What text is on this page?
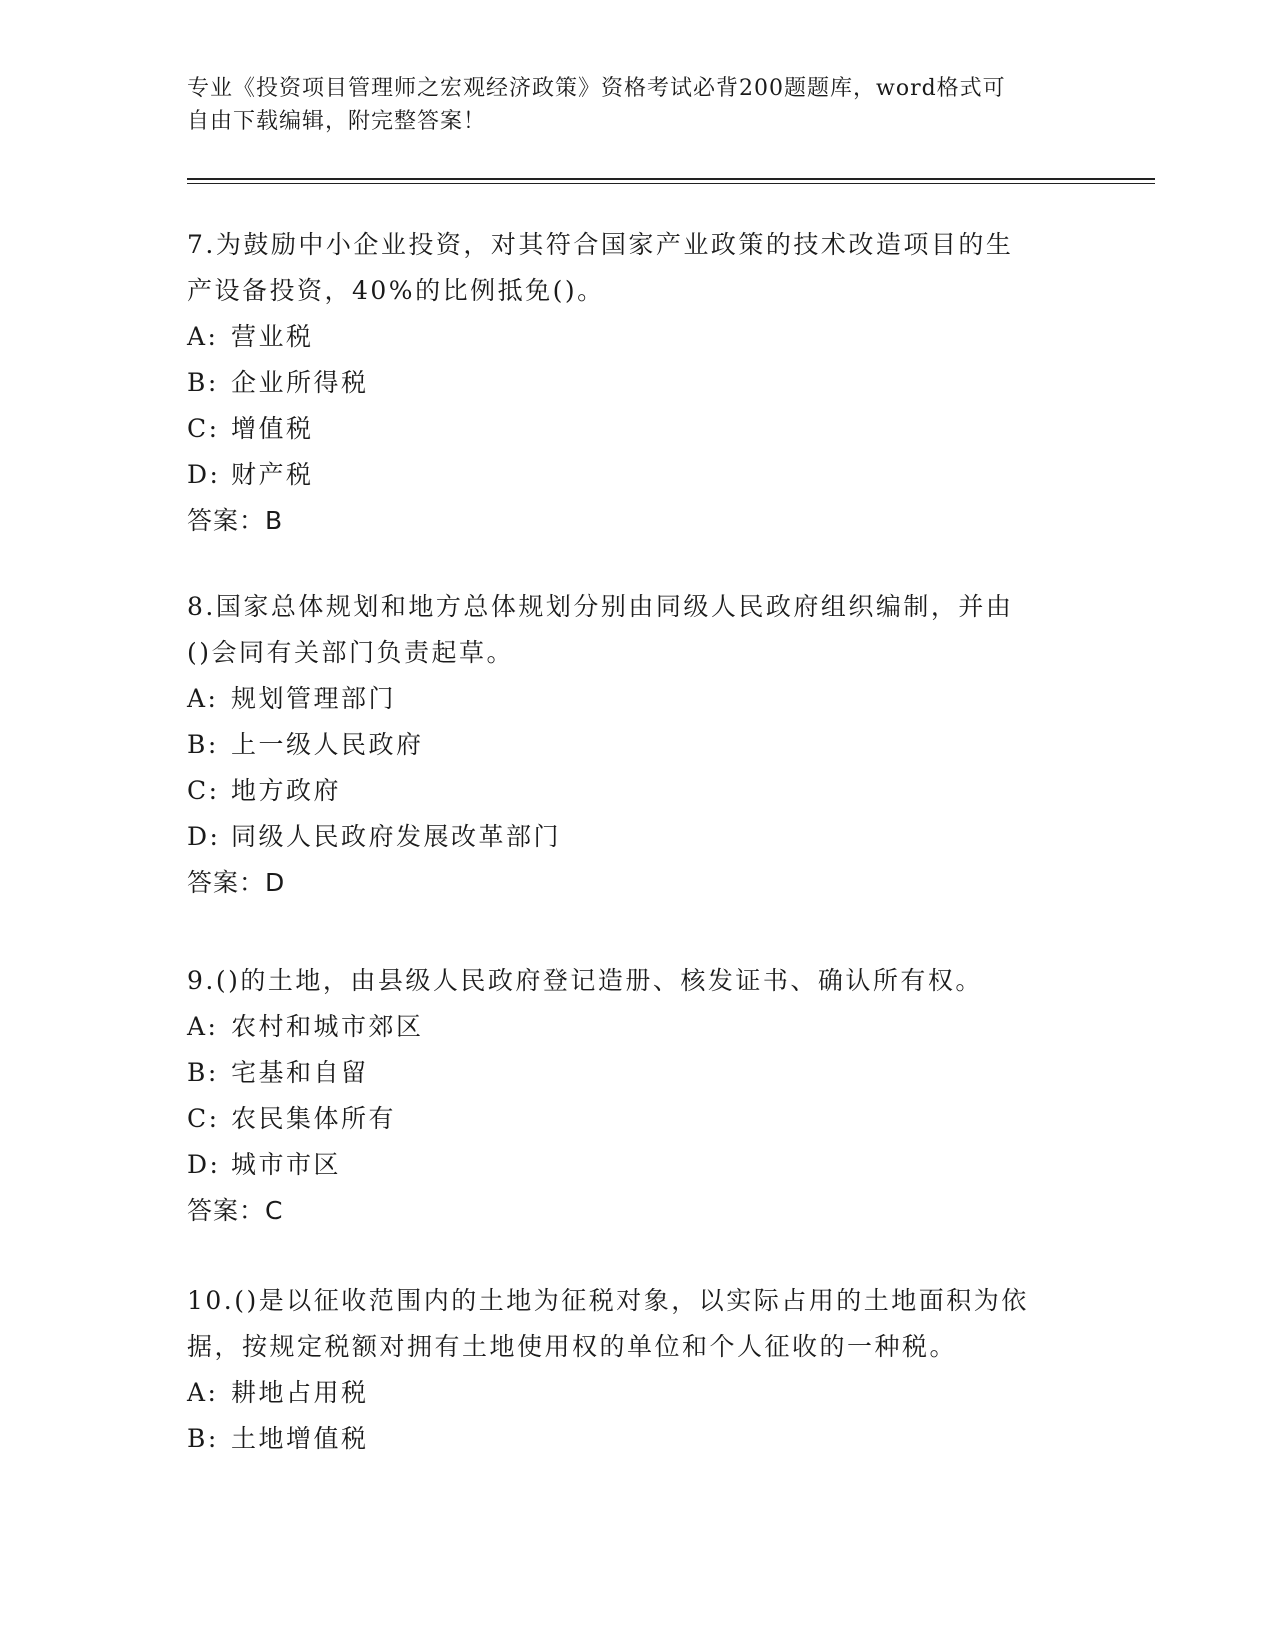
专业《投资项目管理师之宏观经济政策》资格考试必背200题题库，word格式可
自由下载编辑，附完整答案！

7.为鼓励中小企业投资，对其符合国家产业政策的技术改造项目的生

产设备投资，40%的比例抵免()。

A: 营业税

B: 企业所得税

C: 增值税

D: 财产税

答案：B

8.国家总体规划和地方总体规划分别由同级人民政府组织编制，并由

()会同有关部门负责起草。

A: 规划管理部门

B: 上一级人民政府

C: 地方政府

D: 同级人民政府发展改革部门

答案：D

9.()的土地，由县级人民政府登记造册、核发证书、确认所有权。

A: 农村和城市郊区

B: 宅基和自留

C: 农民集体所有

D: 城市市区

答案：C

10.()是以征收范围内的土地为征税对象，以实际占用的土地面积为依

据，按规定税额对拥有土地使用权的单位和个人征收的一种税。

A: 耕地占用税

B: 土地增值税
